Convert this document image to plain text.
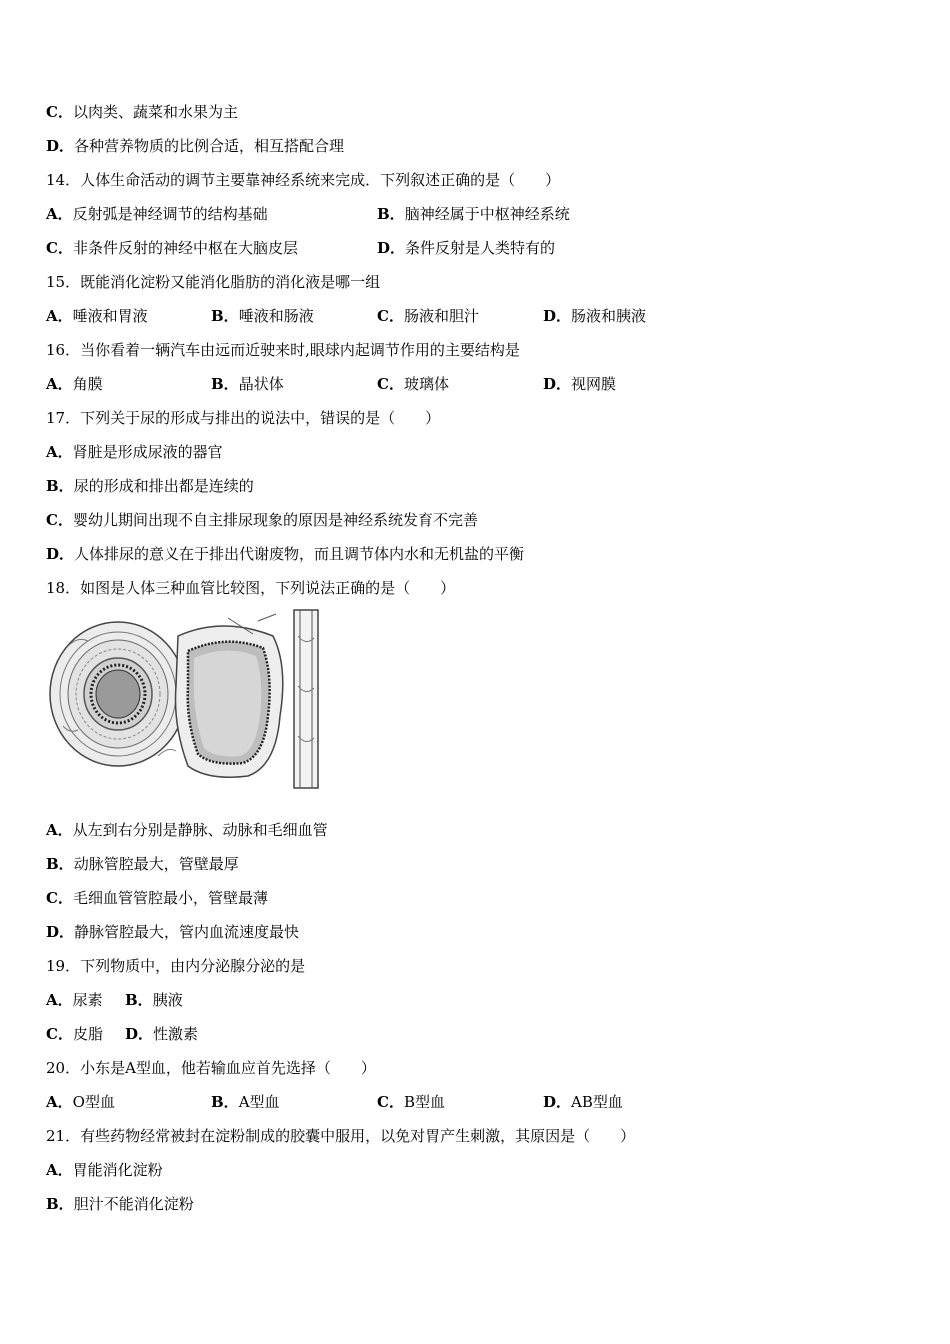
C．以肉类、蔬菜和水果为主
D．各种营养物质的比例合适，相互搭配合理
14．人体生命活动的调节主要靠神经系统来完成．下列叙述正确的是（　　）
A．反射弧是神经调节的结构基础	B．脑神经属于中枢神经系统
C．非条件反射的神经中枢在大脑皮层	D．条件反射是人类特有的
15．既能消化淀粉又能消化脂肪的消化液是哪一组
A．唾液和胃液	B．唾液和肠液	C．肠液和胆汁	D．肠液和胰液
16．当你看着一辆汽车由远而近驶来时,眼球内起调节作用的主要结构是
A．角膜	B．晶状体	C．玻璃体	D．视网膜
17．下列关于尿的形成与排出的说法中，错误的是（　　）
A．肾脏是形成尿液的器官
B．尿的形成和排出都是连续的
C．婴幼儿期间出现不自主排尿现象的原因是神经系统发育不完善
D．人体排尿的意义在于排出代谢废物，而且调节体内水和无机盐的平衡
18．如图是人体三种血管比较图，下列说法正确的是（　　）
A．从左到右分别是静脉、动脉和毛细血管
B．动脉管腔最大，管壁最厚
C．毛细血管管腔最小，管壁最薄
D．静脉管腔最大，管内血流速度最快
19．下列物质中，由内分泌腺分泌的是
A．尿素 B．胰液
C．皮脂 D．性激素
20．小东是A型血，他若输血应首先选择（　　）
A．O型血	B．A型血	C．B型血	D．AB型血
21．有些药物经常被封在淀粉制成的胶囊中服用，以免对胃产生刺激，其原因是（　　）
A．胃能消化淀粉
B．胆汁不能消化淀粉
